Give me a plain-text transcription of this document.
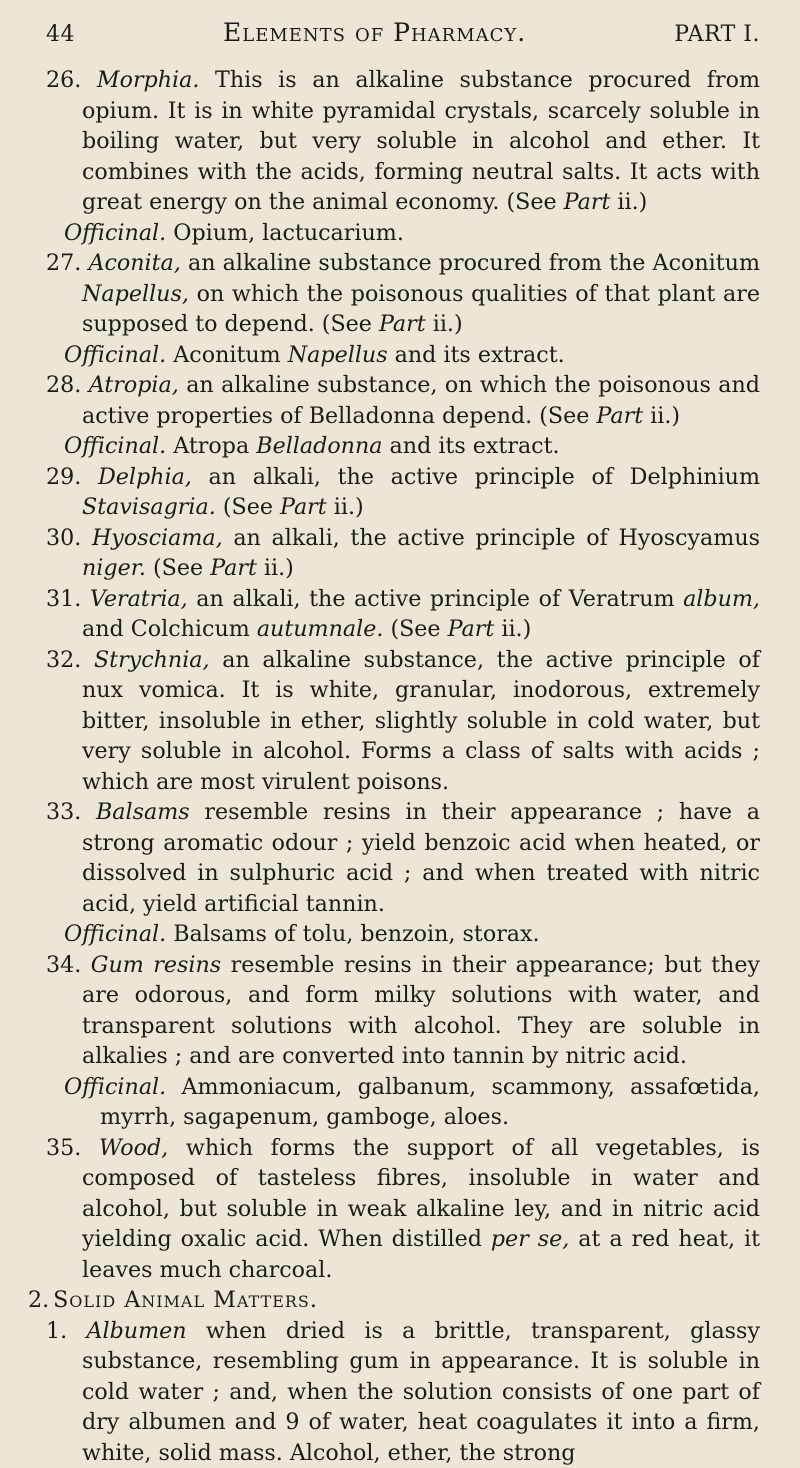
44	Elements of Pharmacy.	PART I.

26. Morphia. This is an alkaline substance procured from opium. It is in white pyramidal crystals, scarcely soluble in boiling water, but very soluble in alcohol and ether. It combines with the acids, forming neutral salts. It acts with great energy on the animal economy. (See Part ii.)

Officinal. Opium, lactucarium.

27. Aconita, an alkaline substance procured from the Aconitum Napellus, on which the poisonous qualities of that plant are supposed to depend. (See Part ii.)

Officinal. Aconitum Napellus and its extract.

28. Atropia, an alkaline substance, on which the poisonous and active properties of Belladonna depend. (See Part ii.)

Officinal. Atropa Belladonna and its extract.

29. Delphia, an alkali, the active principle of Delphinium Stavisagria. (See Part ii.)

30. Hyosciama, an alkali, the active principle of Hyoscyamus niger. (See Part ii.)

31. Veratria, an alkali, the active principle of Veratrum album, and Colchicum autumnale. (See Part ii.)

32. Strychnia, an alkaline substance, the active principle of nux vomica. It is white, granular, inodorous, extremely bitter, insoluble in ether, slightly soluble in cold water, but very soluble in alcohol. Forms a class of salts with acids ; which are most virulent poisons.

33. Balsams resemble resins in their appearance ; have a strong aromatic odour ; yield benzoic acid when heated, or dissolved in sulphuric acid ; and when treated with nitric acid, yield artificial tannin.

Officinal. Balsams of tolu, benzoin, storax.

34. Gum resins resemble resins in their appearance; but they are odorous, and form milky solutions with water, and transparent solutions with alcohol. They are soluble in alkalies ; and are converted into tannin by nitric acid.

Officinal. Ammoniacum, galbanum, scammony, assafœtida, myrrh, sagapenum, gamboge, aloes.

35. Wood, which forms the support of all vegetables, is composed of tasteless fibres, insoluble in water and alcohol, but soluble in weak alkaline ley, and in nitric acid yielding oxalic acid. When distilled per se, at a red heat, it leaves much charcoal.

2. Solid Animal Matters.

1. Albumen when dried is a brittle, transparent, glassy substance, resembling gum in appearance. It is soluble in cold water ; and, when the solution consists of one part of dry albumen and 9 of water, heat coagulates it into a firm, white, solid mass. Alcohol, ether, the strong
